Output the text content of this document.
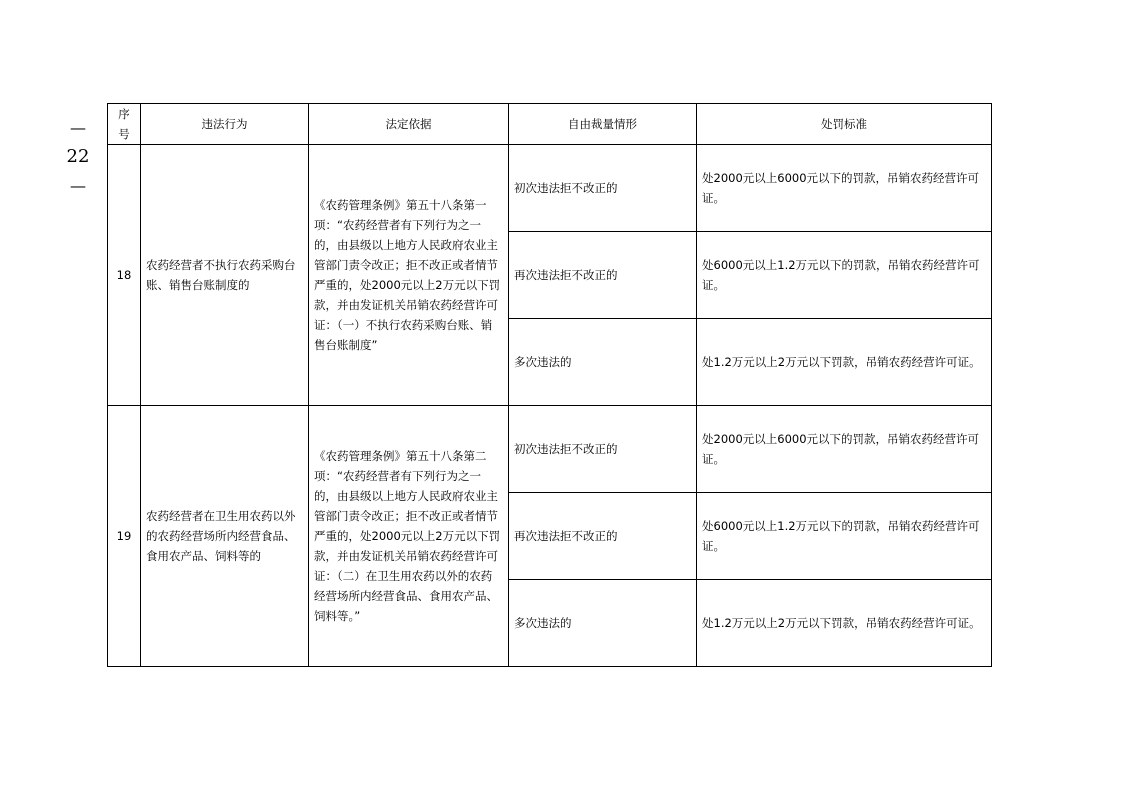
—
22
—
序号	违法行为	法定依据	自由裁量情形	处罚标准
18	农药经营者不执行农药采购台账、销售台账制度的	《农药管理条例》第五十八条第一项：“农药经营者有下列行为之一的，由县级以上地方人民政府农业主管部门责令改正；拒不改正或者情节严重的，处2000元以上2万元以下罚款，并由发证机关吊销农药经营许可证：（一）不执行农药采购台账、销售台账制度”	初次违法拒不改正的	处2000元以上6000元以下的罚款，吊销农药经营许可证。
			再次违法拒不改正的	处6000元以上1.2万元以下的罚款，吊销农药经营许可证。
			多次违法的	处1.2万元以上2万元以下罚款，吊销农药经营许可证。
19	农药经营者在卫生用农药以外的农药经营场所内经营食品、食用农产品、饲料等的	《农药管理条例》第五十八条第二项：“农药经营者有下列行为之一的，由县级以上地方人民政府农业主管部门责令改正；拒不改正或者情节严重的，处2000元以上2万元以下罚款，并由发证机关吊销农药经营许可证：（二）在卫生用农药以外的农药经营场所内经营食品、食用农产品、饲料等。”	初次违法拒不改正的	处2000元以上6000元以下的罚款，吊销农药经营许可证。
			再次违法拒不改正的	处6000元以上1.2万元以下的罚款，吊销农药经营许可证。
			多次违法的	处1.2万元以上2万元以下罚款，吊销农药经营许可证。
